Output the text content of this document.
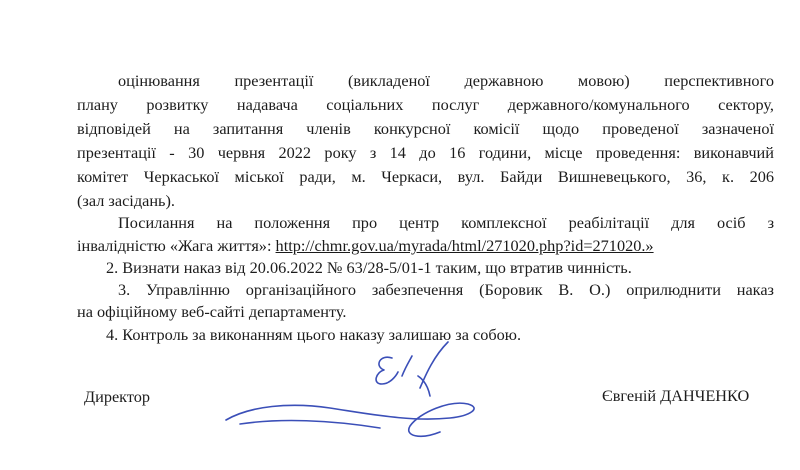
оцінювання презентації (викладеної державною мовою) перспективного

плану розвитку надавача соціальних послуг державного/комунального сектору,

відповідей на запитання членів конкурсної комісії щодо проведеної зазначеної

презентації - 30 червня 2022 року з 14 до 16 години, місце проведення: виконавчий

комітет Черкаської міської ради, м. Черкаси, вул. Байди Вишневецького, 36, к. 206

(зал засідань).

Посилання на положення про центр комплексної реабілітації для осіб з

інвалідністю «Жага життя»: http://chmr.gov.ua/myrada/html/271020.php?id=271020.»

2. Визнати наказ від 20.06.2022 № 63/28-5/01-1 таким, що втратив чинність.

3. Управлінню організаційного забезпечення (Боровик В. О.) оприлюднити наказ

на офіційному веб-сайті департаменту.

4. Контроль за виконанням цього наказу залишаю за собою.

Директор	Євгеній ДАНЧЕНКО
